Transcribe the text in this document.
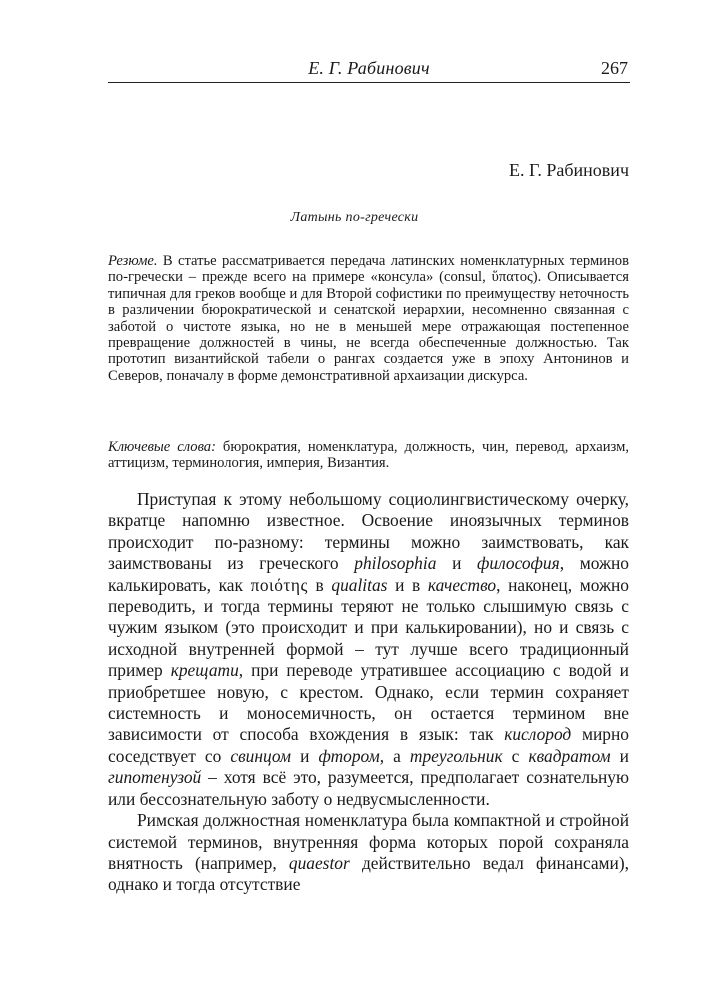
Е. Г. Рабинович	267
Е. Г. Рабинович
Латынь по-гречески

Резюме. В статье рассматривается передача латинских номенклатурных терминов по-гречески – прежде всего на примере «консула» (consul, ὕπατος). Описывается типичная для греков вообще и для Второй софистики по преимуществу неточность в различении бюрократической и сенатской иерархии, несомненно связанная с заботой о чистоте языка, но не в меньшей мере отражающая постепенное превращение должностей в чины, не всегда обеспеченные должностью. Так прототип византийской табели о рангах создается уже в эпоху Антонинов и Северов, поначалу в форме демонстративной архаизации дискурса.

Ключевые слова: бюрократия, номенклатура, должность, чин, перевод, архаизм, аттицизм, терминология, империя, Византия.

Приступая к этому небольшому социолингвистическому очерку, вкратце напомню известное. Освоение иноязычных терминов происходит по-разному: термины можно заимствовать, как заимствованы из греческого philosophia и философия, можно калькировать, как ποιότης в qualitas и в качество, наконец, можно переводить, и тогда термины теряют не только слышимую связь с чужим языком (это происходит и при калькировании), но и связь с исходной внутренней формой – тут лучше всего традиционный пример крещати, при переводе утратившее ассоциацию с водой и приобретшее новую, с крестом. Однако, если термин сохраняет системность и моносемичность, он остается термином вне зависимости от способа вхождения в язык: так кислород мирно соседствует со свинцом и фтором, а треугольник с квадратом и гипотенузой – хотя всё это, разумеется, предполагает сознательную или бессознательную заботу о недвусмысленности.

Римская должностная номенклатура была компактной и стройной системой терминов, внутренняя форма которых порой сохраняла внятность (например, quaestor действительно ведал финансами), однако и тогда отсутствие
